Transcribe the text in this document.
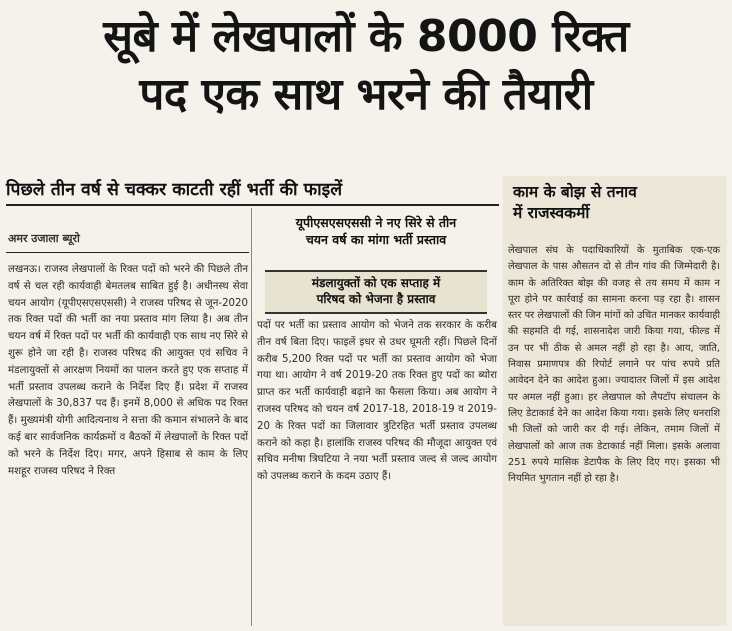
सूबे में लेखपालों के 8000 रिक्त
पद एक साथ भरने की तैयारी
पिछले तीन वर्ष से चक्कर काटती रहीं भर्ती की फाइलें
अमर उजाला ब्यूरो
लखनऊ। राजस्व लेखपालों के रिक्त पदों को भरने की पिछले तीन वर्ष से चल रही कार्यवाही बेमतलब साबित हुई है। अधीनस्थ सेवा चयन आयोग (यूपीएसएसएससी) ने राजस्व परिषद से जून-2020 तक रिक्त पदों की भर्ती का नया प्रस्ताव मांग लिया है। अब तीन चयन वर्ष में रिक्त पदों पर भर्ती की कार्यवाही एक साथ नए सिरे से शुरू होने जा रही है। राजस्व परिषद की आयुक्त एवं सचिव ने मंडलायुक्तों से आरक्षण नियमों का पालन करते हुए एक सप्ताह में भर्ती प्रस्ताव उपलब्ध कराने के निर्देश दिए हैं। प्रदेश में राजस्व लेखपालों के 30,837 पद हैं। इनमें 8,000 से अधिक पद रिक्त हैं। मुख्यमंत्री योगी आदित्यनाथ ने सत्ता की कमान संभालने के बाद कई बार सार्वजनिक कार्यक्रमों व बैठकों में लेखपालों के रिक्त पदों को भरने के निर्देश दिए। मगर, अपने हिसाब से काम के लिए मशहूर राजस्व परिषद ने रिक्त
यूपीएसएसएससी ने नए सिरे से तीन
चयन वर्ष का मांगा भर्ती प्रस्ताव
मंडलायुक्तों को एक सप्ताह में
परिषद को भेजना है प्रस्ताव
पदों पर भर्ती का प्रस्ताव आयोग को भेजने तक सरकार के करीब तीन वर्ष बिता दिए। फाइलें इधर से उधर घूमती रहीं। पिछले दिनों करीब 5,200 रिक्त पदों पर भर्ती का प्रस्ताव आयोग को भेजा गया था। आयोग ने वर्ष 2019-20 तक रिक्त हुए पदों का ब्योरा प्राप्त कर भर्ती कार्यवाही बढ़ाने का फैसला किया। अब आयोग ने राजस्व परिषद को चयन वर्ष 2017-18, 2018-19 व 2019-20 के रिक्त पदों का जिलावार त्रुटिरहित भर्ती प्रस्ताव उपलब्ध कराने को कहा है। हालांकि राजस्व परिषद की मौजूदा आयुक्त एवं सचिव मनीषा त्रिघटिया ने नया भर्ती प्रस्ताव जल्द से जल्द आयोग को उपलब्ध कराने के कदम उठाए हैं।
काम के बोझ से तनाव
में राजस्वकर्मी
लेखपाल संघ के पदाधिकारियों के मुताबिक एक-एक लेखपाल के पास औसतन दो से तीन गांव की जिम्मेदारी है। काम के अतिरिक्त बोझ की वजह से तय समय में काम न पूरा होने पर कार्रवाई का सामना करना पड़ रहा है। शासन स्तर पर लेखपालों की जिन मांगों को उचित मानकर कार्यवाही की सहमति दी गई, शासनादेश जारी किया गया, फील्ड में उन पर भी ठीक से अमल नहीं हो रहा है। आय, जाति, निवास प्रमाणपत्र की रिपोर्ट लगाने पर पांच रुपये प्रति आवेदन देने का आदेश हुआ। ज्यादातर जिलों में इस आदेश पर अमल नहीं हुआ। हर लेखपाल को लैपटॉप संचालन के लिए डेटाकार्ड देने का आदेश किया गया। इसके लिए धनराशि भी जिलों को जारी कर दी गई। लेकिन, तमाम जिलों में लेखपालों को आज तक डेटाकार्ड नहीं मिला। इसके अलावा 251 रुपये मासिक डेटापैक के लिए दिए गए। इसका भी नियमित भुगतान नहीं हो रहा है।
